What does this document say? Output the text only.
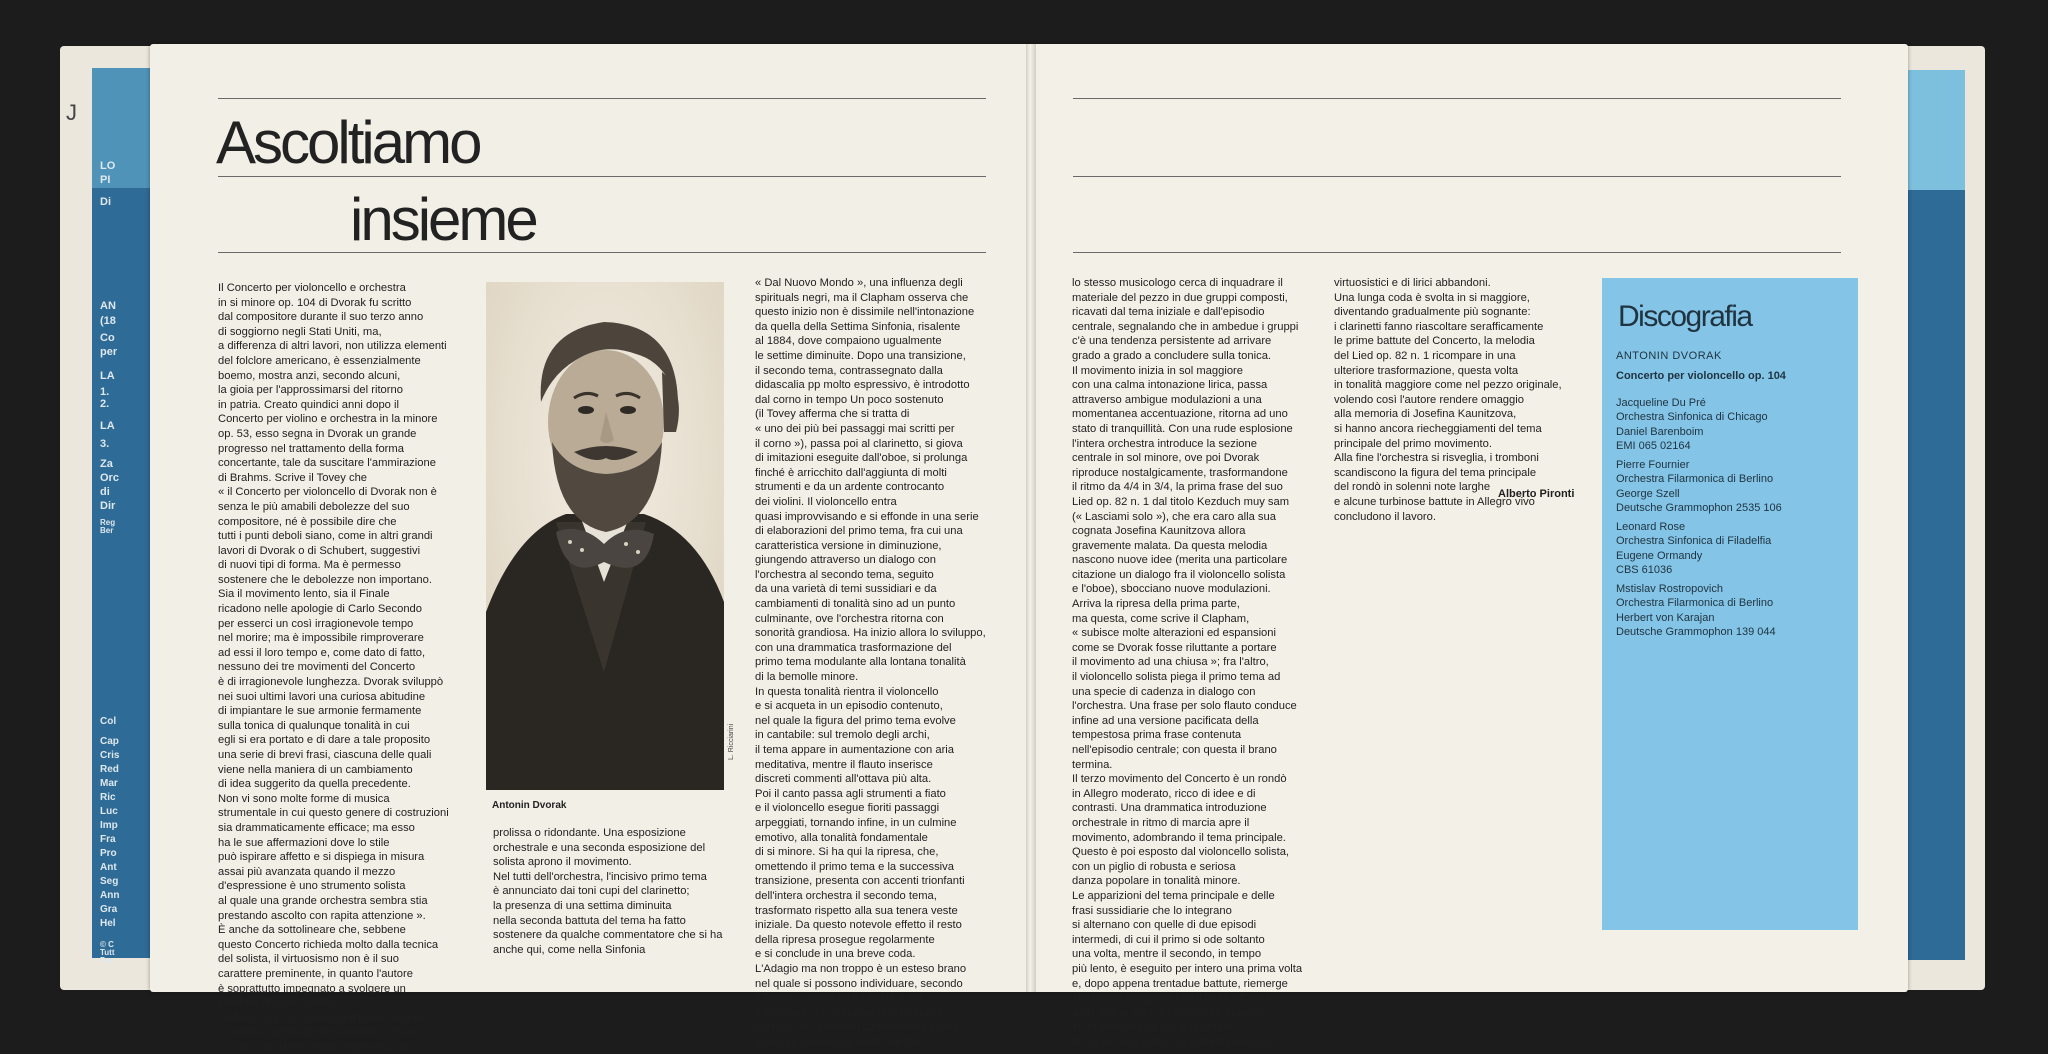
J
LO
PI
Di
AN
(18
Co
per
LA
1.
2.
LA
3.
Za
Orc
di
Dir
Reg
Ber
Col
Cap
Cris
Red
Mar
Ric
Luc
Imp
Fra
Pro
Ant
Seg
Ann
Gra
Hel
© C
Tutt
Pre
Ascoltiamo
insieme
Il Concerto per violoncello e orchestra
in si minore op. 104 di Dvorak fu scritto
dal compositore durante il suo terzo anno
di soggiorno negli Stati Uniti, ma,
a differenza di altri lavori, non utilizza elementi
del folclore americano, è essenzialmente
boemo, mostra anzi, secondo alcuni,
la gioia per l'approssimarsi del ritorno
in patria. Creato quindici anni dopo il
Concerto per violino e orchestra in la minore
op. 53, esso segna in Dvorak un grande
progresso nel trattamento della forma
concertante, tale da suscitare l'ammirazione
di Brahms. Scrive il Tovey che
« il Concerto per violoncello di Dvorak non è
senza le più amabili debolezze del suo
compositore, né è possibile dire che
tutti i punti deboli siano, come in altri grandi
lavori di Dvorak o di Schubert, suggestivi
di nuovi tipi di forma. Ma è permesso
sostenere che le debolezze non importano.
Sia il movimento lento, sia il Finale
ricadono nelle apologie di Carlo Secondo
per esserci un così irragionevole tempo
nel morire; ma è impossibile rimproverare
ad essi il loro tempo e, come dato di fatto,
nessuno dei tre movimenti del Concerto
è di irragionevole lunghezza. Dvorak sviluppò
nei suoi ultimi lavori una curiosa abitudine
di impiantare le sue armonie fermamente
sulla tonica di qualunque tonalità in cui
egli si era portato e di dare a tale proposito
una serie di brevi frasi, ciascuna delle quali
viene nella maniera di un cambiamento
di idea suggerito da quella precedente.
Non vi sono molte forme di musica
strumentale in cui questo genere di costruzioni
sia drammaticamente efficace; ma esso
ha le sue affermazioni dove lo stile
può ispirare affetto e si dispiega in misura
assai più avanzata quando il mezzo
d'espressione è uno strumento solista
al quale una grande orchestra sembra stia
prestando ascolto con rapita attenzione ».
È anche da sottolineare che, sebbene
questo Concerto richieda molto dalla tecnica
del solista, il virtuosismo non è il suo
carattere preminente, in quanto l'autore
è soprattutto impegnato a svolgere un
interiore disegno poetico.
L'Allegro con cui comincia il lavoro segue
lo schema generale del concerto classico,
in una costruzione assai ampia ma non
L. Ricciarini
Antonin Dvorak
prolissa o ridondante. Una esposizione
orchestrale e una seconda esposizione del
solista aprono il movimento.
Nel tutti dell'orchestra, l'incisivo primo tema
è annunciato dai toni cupi del clarinetto;
la presenza di una settima diminuita
nella seconda battuta del tema ha fatto
sostenere da qualche commentatore che si ha
anche qui, come nella Sinfonia
« Dal Nuovo Mondo », una influenza degli
spirituals negri, ma il Clapham osserva che
questo inizio non è dissimile nell'intonazione
da quella della Settima Sinfonia, risalente
al 1884, dove compaiono ugualmente
le settime diminuite. Dopo una transizione,
il secondo tema, contrassegnato dalla
didascalia pp molto espressivo, è introdotto
dal corno in tempo Un poco sostenuto
(il Tovey afferma che si tratta di
« uno dei più bei passaggi mai scritti per
il corno »), passa poi al clarinetto, si giova
di imitazioni eseguite dall'oboe, si prolunga
finché è arricchito dall'aggiunta di molti
strumenti e da un ardente controcanto
dei violini. Il violoncello entra
quasi improvvisando e si effonde in una serie
di elaborazioni del primo tema, fra cui una
caratteristica versione in diminuzione,
giungendo attraverso un dialogo con
l'orchestra al secondo tema, seguito
da una varietà di temi sussidiari e da
cambiamenti di tonalità sino ad un punto
culminante, ove l'orchestra ritorna con
sonorità grandiosa. Ha inizio allora lo sviluppo,
con una drammatica trasformazione del
primo tema modulante alla lontana tonalità
di la bemolle minore.
In questa tonalità rientra il violoncello
e si acqueta in un episodio contenuto,
nel quale la figura del primo tema evolve
in cantabile: sul tremolo degli archi,
il tema appare in aumentazione con aria
meditativa, mentre il flauto inserisce
discreti commenti all'ottava più alta.
Poi il canto passa agli strumenti a fiato
e il violoncello esegue fioriti passaggi
arpeggiati, tornando infine, in un culmine
emotivo, alla tonalità fondamentale
di si minore. Si ha qui la ripresa, che,
omettendo il primo tema e la successiva
transizione, presenta con accenti trionfanti
dell'intera orchestra il secondo tema,
trasformato rispetto alla sua tenera veste
iniziale. Da questo notevole effetto il resto
della ripresa prosegue regolarmente
e si conclude in una breve coda.
L'Adagio ma non troppo è un esteso brano
nel quale si possono individuare, secondo
il Tovey, « due temi o cinque o sei,
a seconda che si scelga di distinguere
ognuno dei numerosi cambiamenti d'idea
attaccati a ciascuna delle sue frasi »;
lo stesso musicologo cerca di inquadrare il
materiale del pezzo in due gruppi composti,
ricavati dal tema iniziale e dall'episodio
centrale, segnalando che in ambedue i gruppi
c'è una tendenza persistente ad arrivare
grado a grado a concludere sulla tonica.
Il movimento inizia in sol maggiore
con una calma intonazione lirica, passa
attraverso ambigue modulazioni a una
momentanea accentuazione, ritorna ad uno
stato di tranquillità. Con una rude esplosione
l'intera orchestra introduce la sezione
centrale in sol minore, ove poi Dvorak
riproduce nostalgicamente, trasformandone
il ritmo da 4/4 in 3/4, la prima frase del suo
Lied op. 82 n. 1 dal titolo Kezduch muy sam
(« Lasciami solo »), che era caro alla sua
cognata Josefina Kaunitzova allora
gravemente malata. Da questa melodia
nascono nuove idee (merita una particolare
citazione un dialogo fra il violoncello solista
e l'oboe), sbocciano nuove modulazioni.
Arriva la ripresa della prima parte,
ma questa, come scrive il Clapham,
« subisce molte alterazioni ed espansioni
come se Dvorak fosse riluttante a portare
il movimento ad una chiusa »; fra l'altro,
il violoncello solista piega il primo tema ad
una specie di cadenza in dialogo con
l'orchestra. Una frase per solo flauto conduce
infine ad una versione pacificata della
tempestosa prima frase contenuta
nell'episodio centrale; con questa il brano
termina.
Il terzo movimento del Concerto è un rondò
in Allegro moderato, ricco di idee e di
contrasti. Una drammatica introduzione
orchestrale in ritmo di marcia apre il
movimento, adombrando il tema principale.
Questo è poi esposto dal violoncello solista,
con un piglio di robusta e seriosa
danza popolare in tonalità minore.
Le apparizioni del tema principale e delle
frasi sussidiarie che lo integrano
si alternano con quelle di due episodi
intermedi, di cui il primo si ode soltanto
una volta, mentre il secondo, in tempo
più lento, è eseguito per intero una prima volta
e, dopo appena trentadue battute, riemerge
alla tonica maggiore con il tema affidato
a un violino solo. Il movimento procede
in un alternarsi di luci e di ombre,
di vigoria e di calma, di brillanti passaggi
virtuosistici e di lirici abbandoni.
Una lunga coda è svolta in si maggiore,
diventando gradualmente più sognante:
i clarinetti fanno riascoltare serafficamente
le prime battute del Concerto, la melodia
del Lied op. 82 n. 1 ricompare in una
ulteriore trasformazione, questa volta
in tonalità maggiore come nel pezzo originale,
volendo così l'autore rendere omaggio
alla memoria di Josefina Kaunitzova,
si hanno ancora riecheggiamenti del tema
principale del primo movimento.
Alla fine l'orchestra si risveglia, i tromboni
scandiscono la figura del tema principale
del rondò in solenni note larghe
e alcune turbinose battute in Allegro vivo
concludono il lavoro.
Alberto Pironti
Discografia
ANTONIN DVORAK
Concerto per violoncello op. 104
Jacqueline Du Pré
Orchestra Sinfonica di Chicago
Daniel Barenboim
EMI 065 02164
Pierre Fournier
Orchestra Filarmonica di Berlino
George Szell
Deutsche Grammophon 2535 106
Leonard Rose
Orchestra Sinfonica di Filadelfia
Eugene Ormandy
CBS 61036
Mstislav Rostropovich
Orchestra Filarmonica di Berlino
Herbert von Karajan
Deutsche Grammophon 139 044
